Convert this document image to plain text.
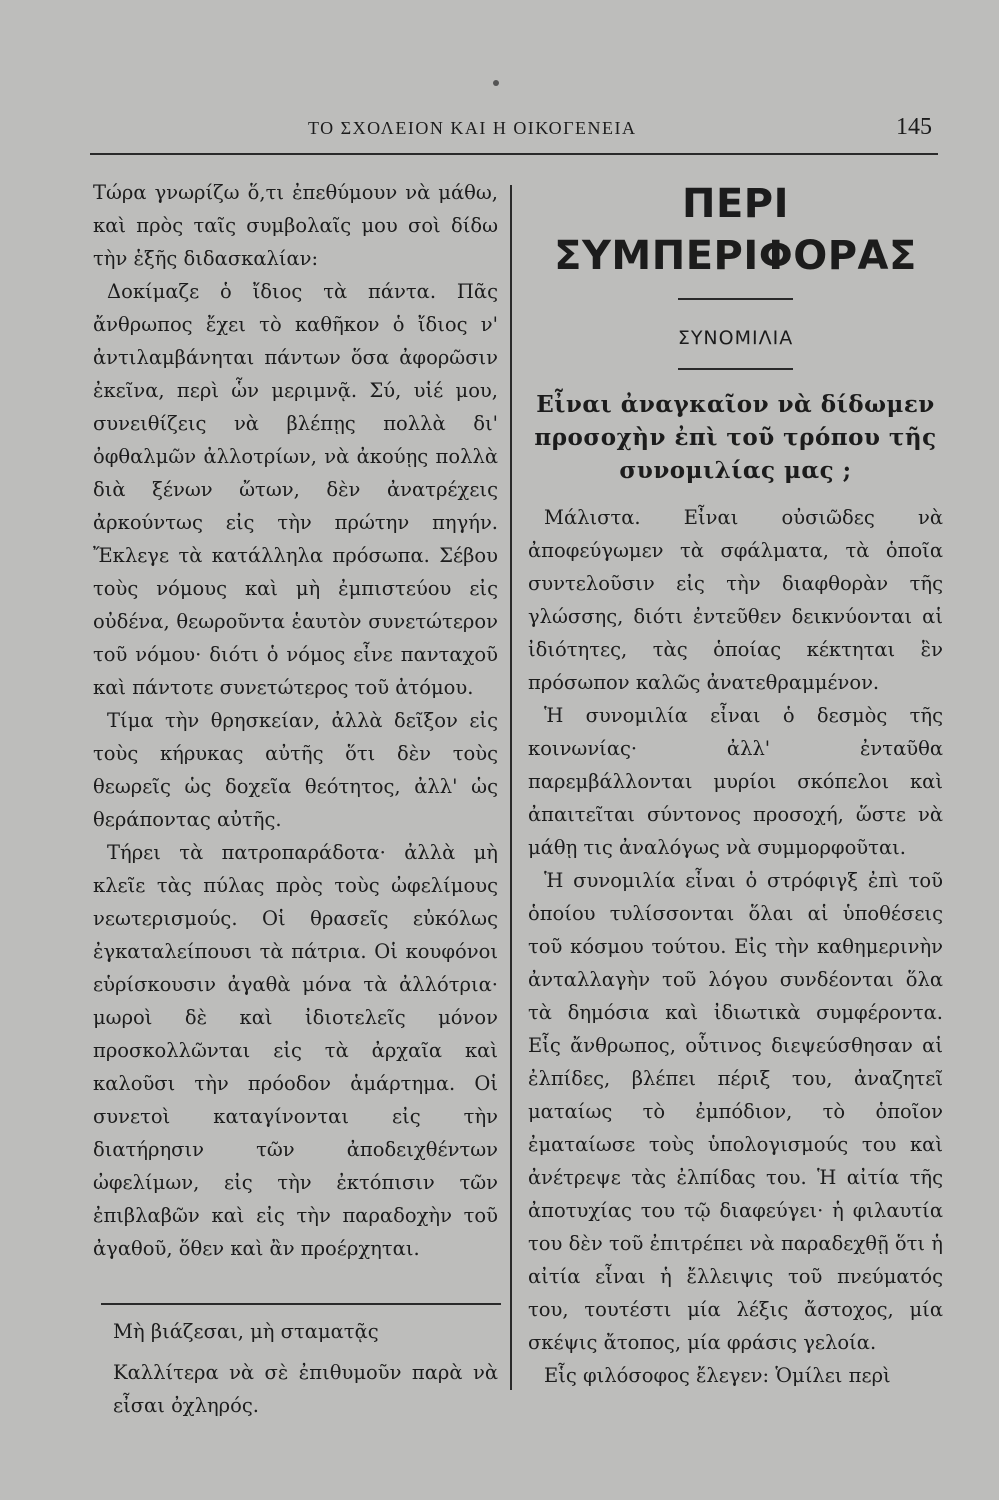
ΤΟ ΣΧΟΛΕΙΟΝ ΚΑΙ Η ΟΙΚΟΓΕΝΕΙΑ	145

Τώρα γνωρίζω ὅ,τι ἐπεθύμουν νὰ μάθω, καὶ πρὸς ταῖς συμβολαῖς μου σοὶ δίδω τὴν ἑξῆς διδασκαλίαν:

Δοκίμαζε ὁ ἴδιος τὰ πάντα. Πᾶς ἄνθρωπος ἔχει τὸ καθῆκον ὁ ἴδιος ν' ἀντιλαμβάνηται πάντων ὅσα ἀφορῶσιν ἐκεῖνα, περὶ ὧν μεριμνᾷ. Σύ, υἱέ μου, συνειθίζεις νὰ βλέπῃς πολλὰ δι' ὀφθαλμῶν ἀλλοτρίων, νὰ ἀκούῃς πολλὰ διὰ ξένων ὤτων, δὲν ἀνατρέχεις ἀρκούντως εἰς τὴν πρώτην πηγήν. Ἔκλεγε τὰ κατάλληλα πρόσωπα. Σέβου τοὺς νόμους καὶ μὴ ἐμπιστεύου εἰς οὐδένα, θεωροῦντα ἑαυτὸν συνετώτερον τοῦ νόμου· διότι ὁ νόμος εἶνε πανταχοῦ καὶ πάντοτε συνετώτερος τοῦ ἀτόμου.

Τίμα τὴν θρησκείαν, ἀλλὰ δεῖξον εἰς τοὺς κήρυκας αὐτῆς ὅτι δὲν τοὺς θεωρεῖς ὡς δοχεῖα θεότητος, ἀλλ' ὡς θεράποντας αὐτῆς.

Τήρει τὰ πατροπαράδοτα· ἀλλὰ μὴ κλεῖε τὰς πύλας πρὸς τοὺς ὠφελίμους νεωτερισμούς. Οἱ θρασεῖς εὐκόλως ἐγκαταλείπουσι τὰ πάτρια. Οἱ κουφόνοι εὑρίσκουσιν ἀγαθὰ μόνα τὰ ἀλλότρια· μωροὶ δὲ καὶ ἰδιοτελεῖς μόνον προσκολλῶνται εἰς τὰ ἀρχαῖα καὶ καλοῦσι τὴν πρόοδον ἁμάρτημα. Οἱ συνετοὶ καταγίνονται εἰς τὴν διατήρησιν τῶν ἀποδειχθέντων ὠφελίμων, εἰς τὴν ἐκτόπισιν τῶν ἐπιβλαβῶν καὶ εἰς τὴν παραδοχὴν τοῦ ἀγαθοῦ, ὅθεν καὶ ἂν προέρχηται.

Μὴ βιάζεσαι, μὴ σταματᾷς

Καλλίτερα νὰ σὲ ἐπιθυμοῦν παρὰ νὰ εἶσαι ὀχληρός.

ΠΕΡΙ ΣΥΜΠΕΡΙΦΟΡΑΣ
ΣΥΝΟΜΙΛΙΑ
Εἶναι ἀναγκαῖον νὰ δίδωμεν προσοχὴν ἐπὶ τοῦ τρόπου τῆς συνομιλίας μας ;

Μάλιστα. Εἶναι οὐσιῶδες νὰ ἀποφεύγωμεν τὰ σφάλματα, τὰ ὁποῖα συντελοῦσιν εἰς τὴν διαφθορὰν τῆς γλώσσης, διότι ἐντεῦθεν δεικνύονται αἱ ἰδιότητες, τὰς ὁποίας κέκτηται ἓν πρόσωπον καλῶς ἀνατεθραμμένον.

Ἡ συνομιλία εἶναι ὁ δεσμὸς τῆς κοινωνίας· ἀλλ' ἐνταῦθα παρεμβάλλονται μυρίοι σκόπελοι καὶ ἀπαιτεῖται σύντονος προσοχή, ὥστε νὰ μάθῃ τις ἀναλόγως νὰ συμμορφοῦται.

Ἡ συνομιλία εἶναι ὁ στρόφιγξ ἐπὶ τοῦ ὁποίου τυλίσσονται ὅλαι αἱ ὑποθέσεις τοῦ κόσμου τούτου. Εἰς τὴν καθημερινὴν ἀνταλλαγὴν τοῦ λόγου συνδέονται ὅλα τὰ δημόσια καὶ ἰδιωτικὰ συμφέροντα. Εἷς ἄνθρωπος, οὗτινος διεψεύσθησαν αἱ ἐλπίδες, βλέπει πέριξ του, ἀναζητεῖ ματαίως τὸ ἐμπόδιον, τὸ ὁποῖον ἐματαίωσε τοὺς ὑπολογισμούς του καὶ ἀνέτρεψε τὰς ἐλπίδας του. Ἡ αἰτία τῆς ἀποτυχίας του τῷ διαφεύγει· ἡ φιλαυτία του δὲν τοῦ ἐπιτρέπει νὰ παραδεχθῇ ὅτι ἡ αἰτία εἶναι ἡ ἔλλειψις τοῦ πνεύματός του, τουτέστι μία λέξις ἄστοχος, μία σκέψις ἄτοπος, μία φράσις γελοία.

Εἷς φιλόσοφος ἔλεγεν: Ὁμίλει περὶ
